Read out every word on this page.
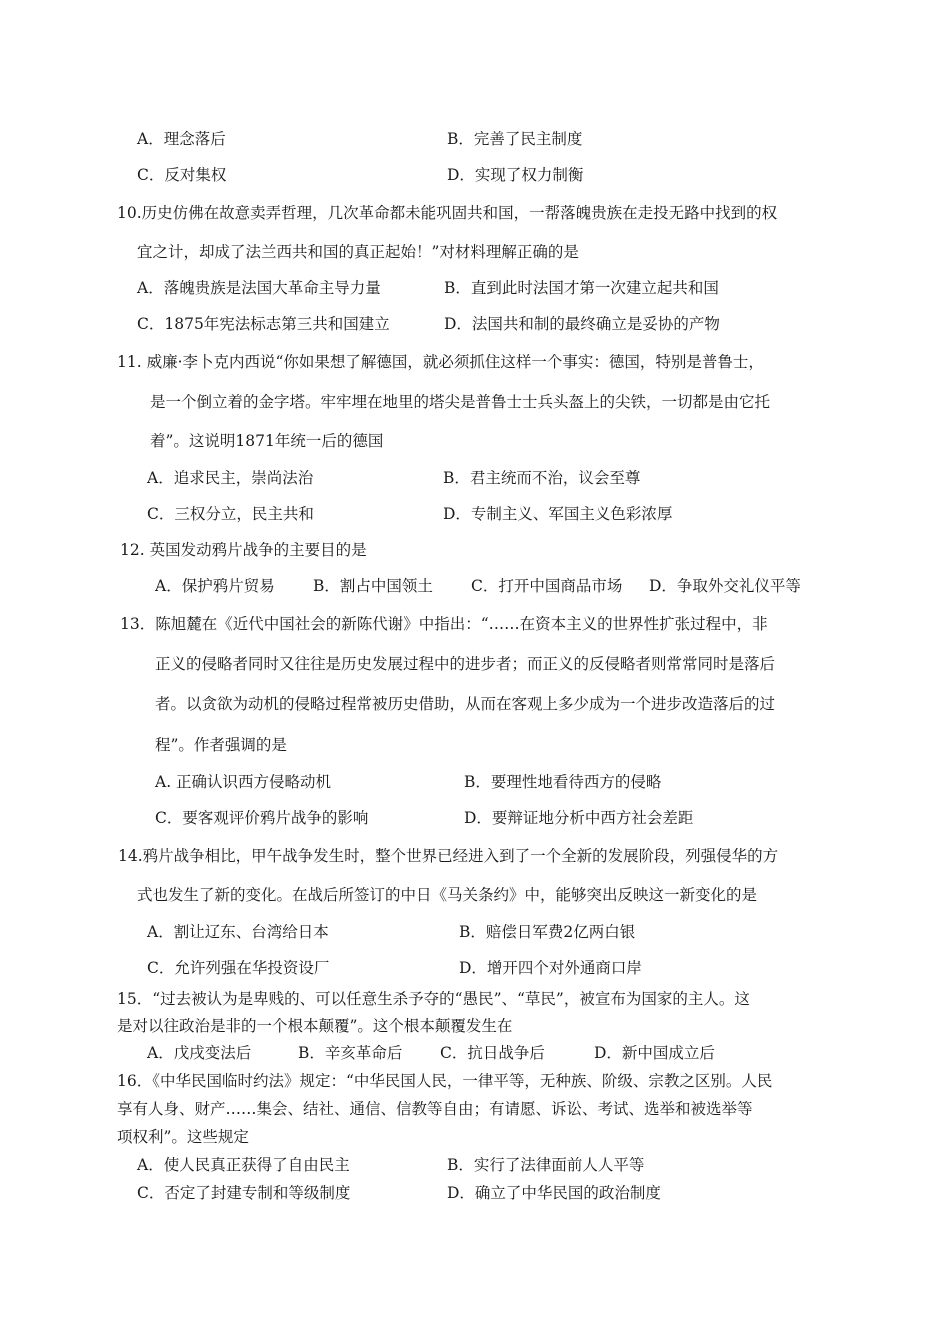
A．理念落后	B．完善了民主制度
C．反对集权	D．实现了权力制衡
10.历史仿佛在故意卖弄哲理，几次革命都未能巩固共和国，一帮落魄贵族在走投无路中找到的权
宜之计，却成了法兰西共和国的真正起始！”对材料理解正确的是
A．落魄贵族是法国大革命主导力量	B．直到此时法国才第一次建立起共和国
C．1875年宪法标志第三共和国建立	D．法国共和制的最终确立是妥协的产物
11. 威廉·李卜克内西说“你如果想了解德国，就必须抓住这样一个事实：德国，特别是普鲁士，
是一个倒立着的金字塔。牢牢埋在地里的塔尖是普鲁士士兵头盔上的尖铁，一切都是由它托
着”。这说明1871年统一后的德国
A．追求民主，崇尚法治	B．君主统而不治，议会至尊
C．三权分立，民主共和	D．专制主义、军国主义色彩浓厚
12. 英国发动鸦片战争的主要目的是
A．保护鸦片贸易 B．割占中国领土 C．打开中国商品市场 D．争取外交礼仪平等
13．陈旭麓在《近代中国社会的新陈代谢》中指出：“……在资本主义的世界性扩张过程中，非
正义的侵略者同时又往往是历史发展过程中的进步者；而正义的反侵略者则常常同时是落后
者。以贪欲为动机的侵略过程常被历史借助，从而在客观上多少成为一个进步改造落后的过
程”。作者强调的是
A. 正确认识西方侵略动机	B．要理性地看待西方的侵略
C．要客观评价鸦片战争的影响	D．要辩证地分析中西方社会差距
14.鸦片战争相比，甲午战争发生时，整个世界已经进入到了一个全新的发展阶段，列强侵华的方
式也发生了新的变化。在战后所签订的中日《马关条约》中，能够突出反映这一新变化的是
A．割让辽东、台湾给日本	B．赔偿日军费2亿两白银
C．允许列强在华投资设厂	D．增开四个对外通商口岸
15．“过去被认为是卑贱的、可以任意生杀予夺的“愚民”、“草民”，被宣布为国家的主人。这
是对以往政治是非的一个根本颠覆”。这个根本颠覆发生在
A．戊戌变法后	B．辛亥革命后 C．抗日战争后	D．新中国成立后
16．《中华民国临时约法》规定：“中华民国人民，一律平等，无种族、阶级、宗教之区别。人民
享有人身、财产……集会、结社、通信、信教等自由；有请愿、诉讼、考试、选举和被选举等
项权利”。这些规定
A．使人民真正获得了自由民主	B．实行了法律面前人人平等
C．否定了封建专制和等级制度	D．确立了中华民国的政治制度
